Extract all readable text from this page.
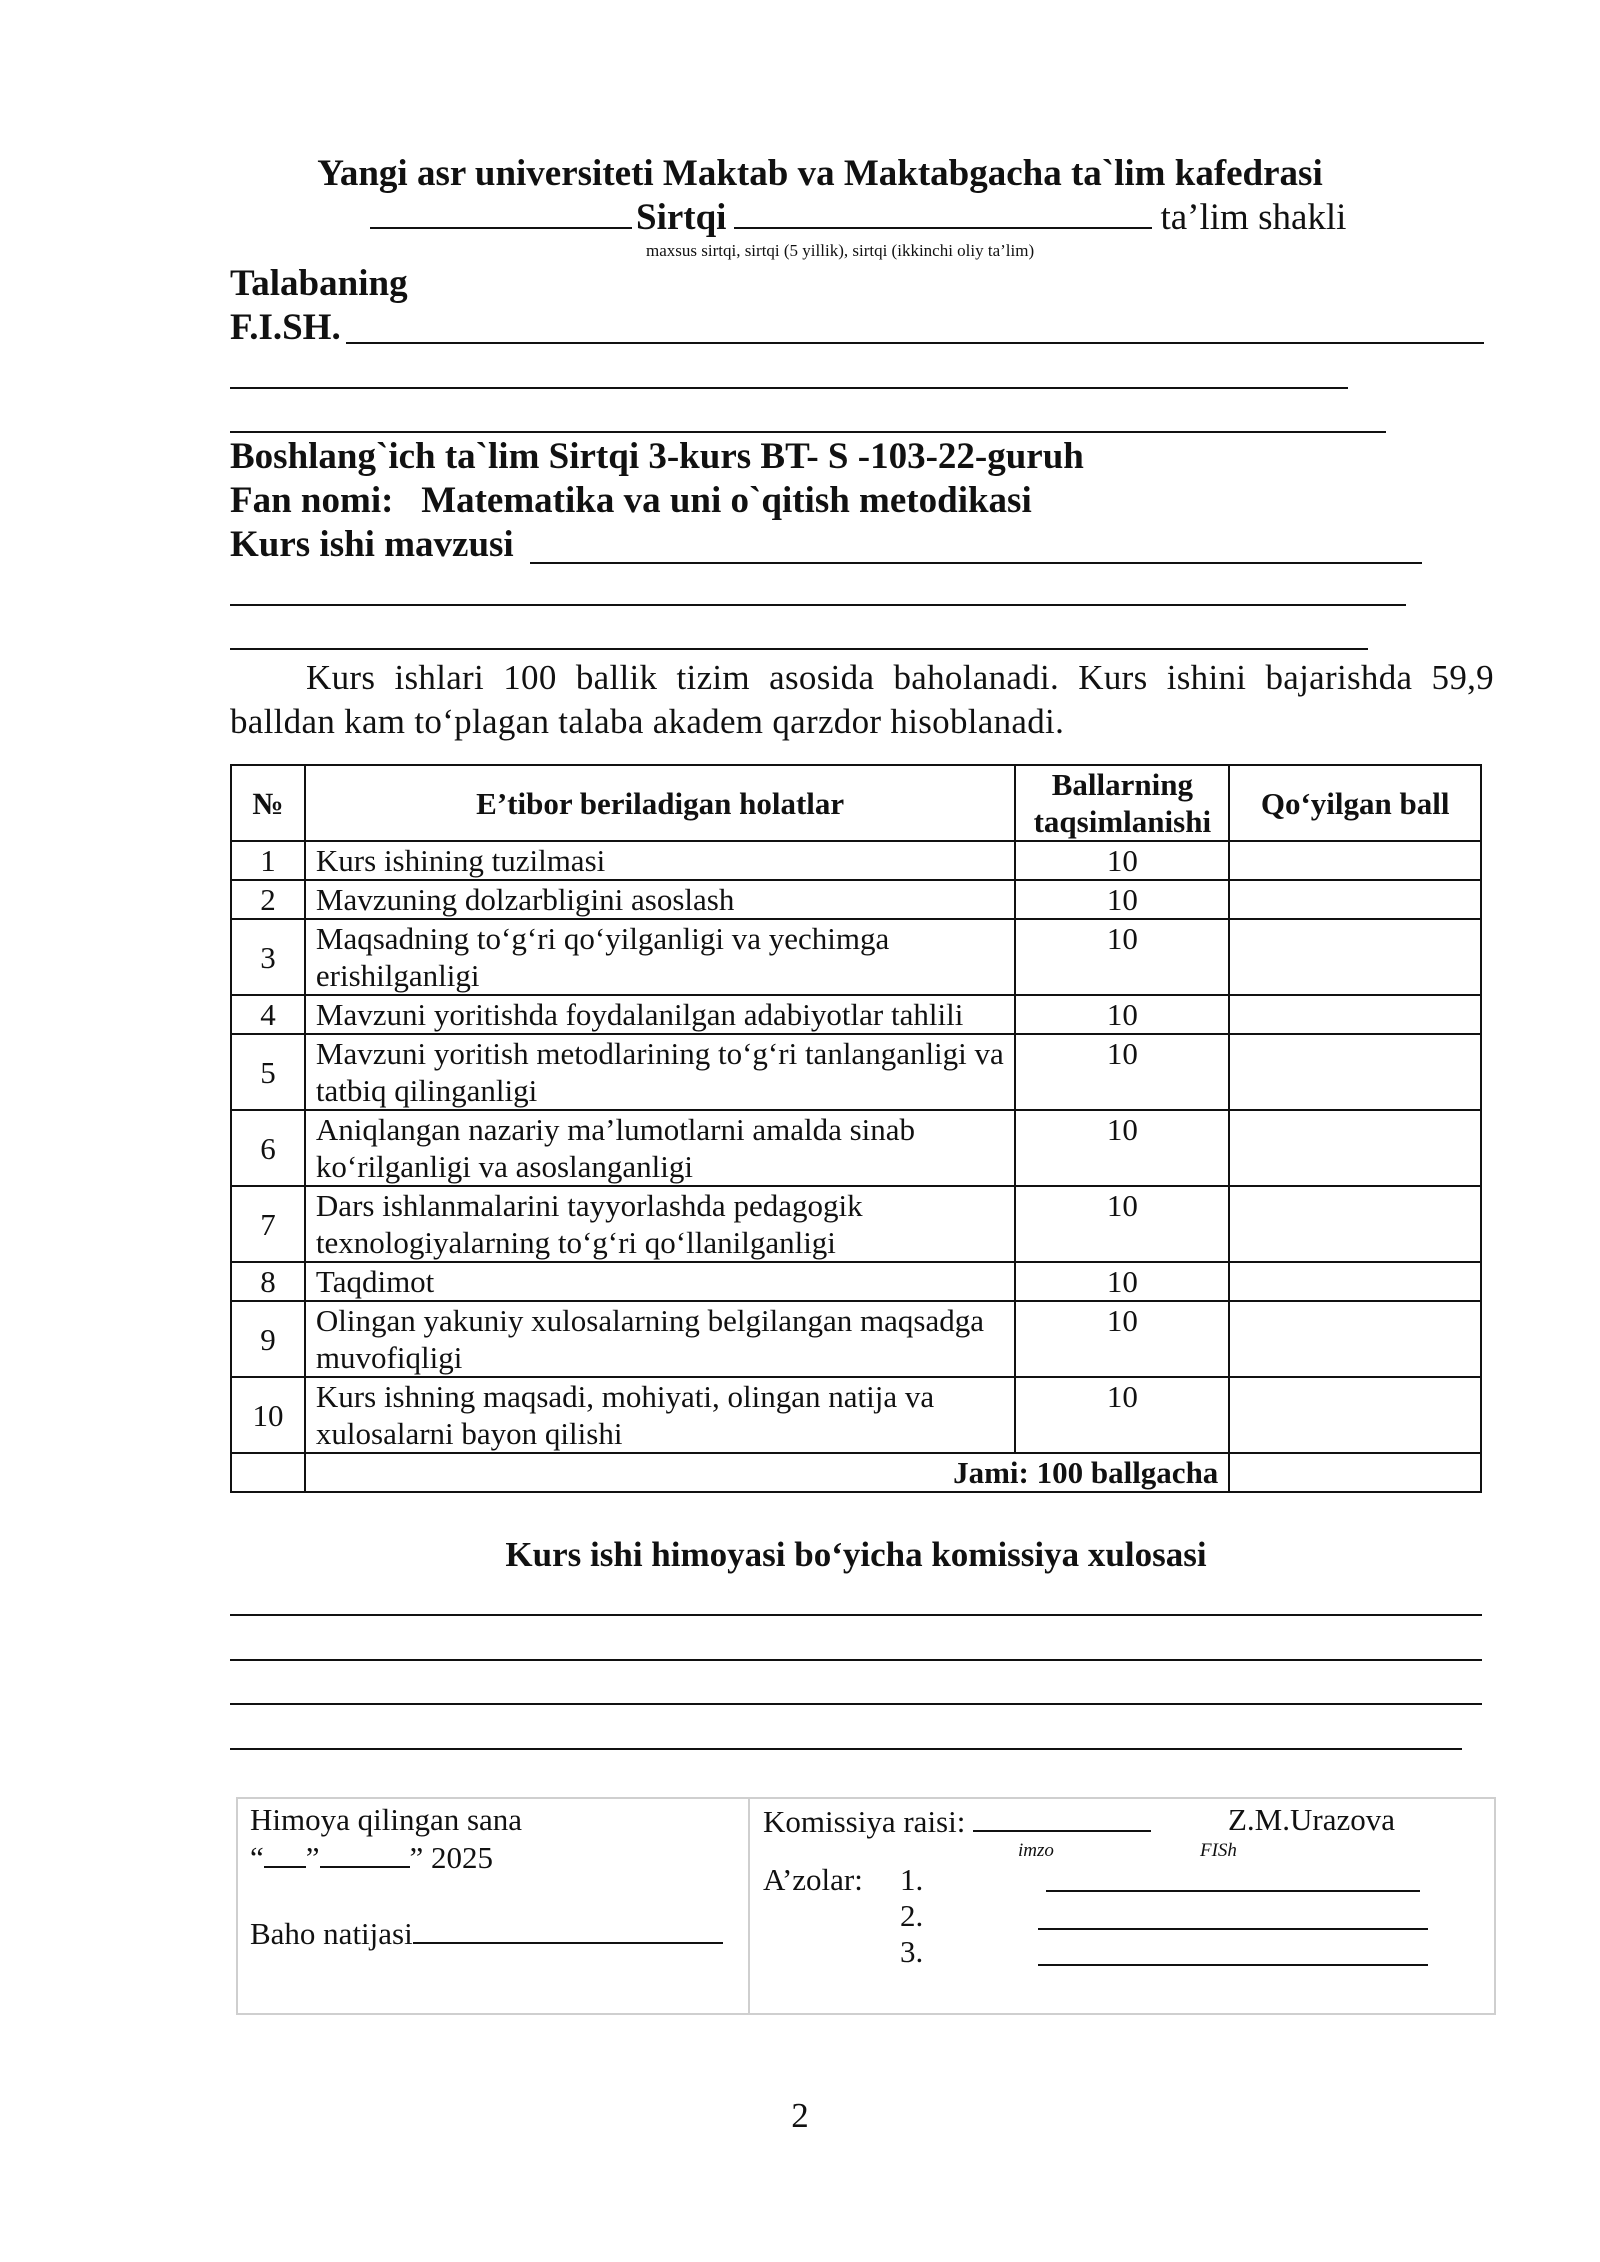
Yangi asr universiteti Maktab va Maktabgacha ta`lim kafedrasi
Sirtqi	ta’lim shakli
maxsus sirtqi, sirtqi (5 yillik), sirtqi (ikkinchi oliy ta’lim)
Talabaning
F.I.SH.
Boshlang`ich ta`lim Sirtqi 3-kurs BT- S -103-22-guruh
Fan nomi: Matematika va uni o`qitish metodikasi
Kurs ishi mavzusi
Kurs ishlari 100 ballik tizim asosida baholanadi. Kurs ishini bajarishda 59,9 balldan kam to‘plagan talaba akadem qarzdor hisoblanadi.
№	E’tibor beriladigan holatlar	Ballarning taqsimlanishi	Qo‘yilgan ball
1	Kurs ishining tuzilmasi	10	
2	Mavzuning dolzarbligini asoslash	10	
3	Maqsadning to‘g‘ri qo‘yilganligi va yechimga erishilganligi	10	
4	Mavzuni yoritishda foydalanilgan adabiyotlar tahlili	10	
5	Mavzuni yoritish metodlarining to‘g‘ri tanlanganligi va tatbiq qilinganligi	10	
6	Aniqlangan nazariy ma’lumotlarni amalda sinab ko‘rilganligi va asoslanganligi	10	
7	Dars ishlanmalarini tayyorlashda pedagogik texnologiyalarning to‘g‘ri qo‘llanilganligi	10	
8	Taqdimot	10	
9	Olingan yakuniy xulosalarning belgilangan maqsadga muvofiqligi	10	
10	Kurs ishning maqsadi, mohiyati, olingan natija va xulosalarni bayon qilishi	10	
	Jami: 100 ballgacha		
Kurs ishi himoyasi bo‘yicha komissiya xulosasi
Himoya qilingan sana
“ ”	” 2025
Baho natijasi
Komissiya raisi:	Z.M.Urazova
imzo	FISh
A’zolar: 1.
2.
3.
2
